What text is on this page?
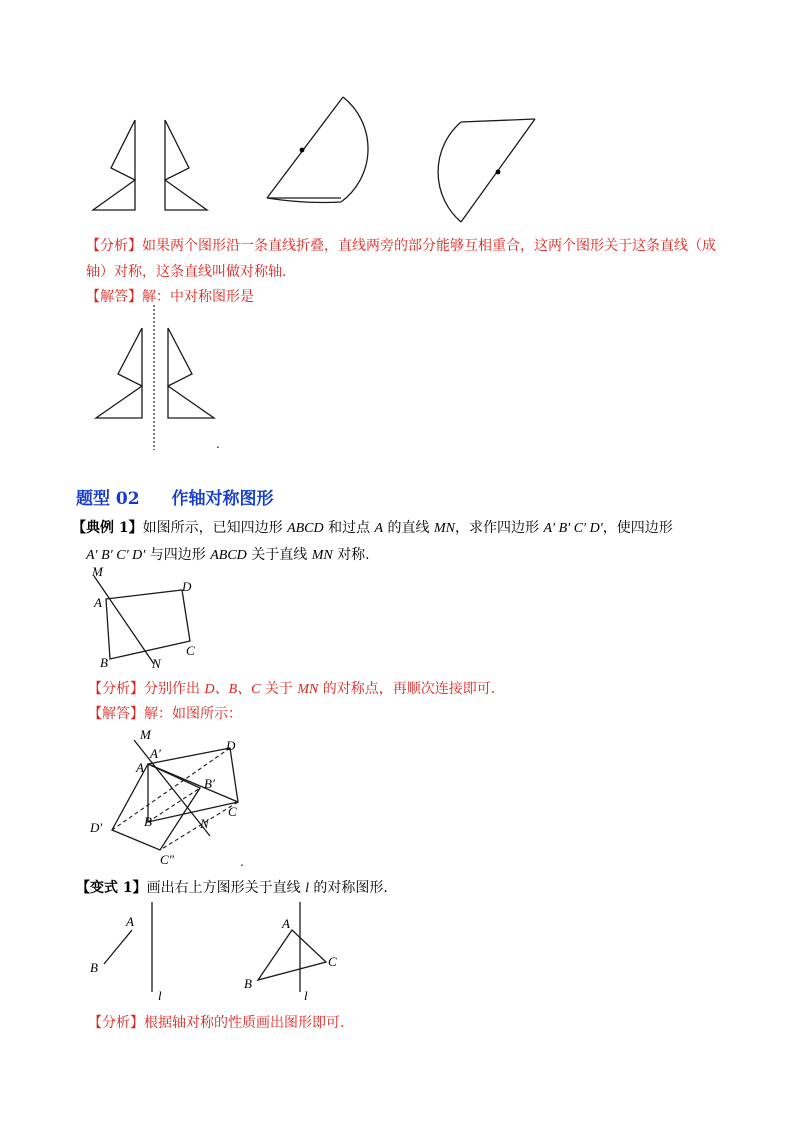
【分析】如果两个图形沿一条直线折叠，直线两旁的部分能够互相重合，这两个图形关于这条直线（成
轴）对称，这条直线叫做对称轴.
【解答】解：中对称图形是
.
题型 02 作轴对称图形
【典例 1】如图所示，已知四边形 ABCD 和过点 A 的直线 MN，求作四边形 A′ B′ C′ D′，使四边形
A′ B′ C′ D′ 与四边形 ABCD 关于直线 MN 对称.
M
A
D
C
B	N
【分析】分别作出 D、B、C 关于 MN 的对称点，再顺次连接即可.
【解答】解：如图所示：
M
A′
A
D
B′
C
D′	B	N
C″	.
【变式 1】画出右上方图形关于直线 l 的对称图形.
A
B
l
A
B
C
l
【分析】根据轴对称的性质画出图形即可.
